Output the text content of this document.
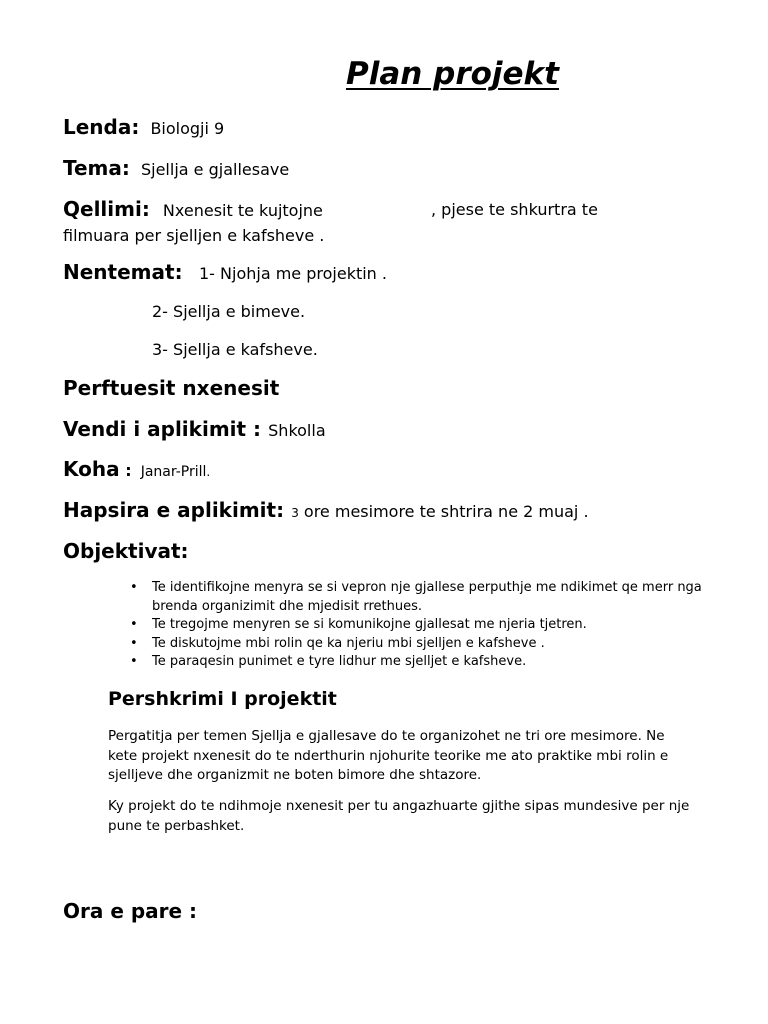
Plan projekt
Lenda: Biologji 9
Tema: Sjellja e gjallesave
Qellimi: Nxenesit te kujtojne	, pjese te shkurtra te
filmuara per sjelljen e kafsheve .
Nentemat: 1- Njohja me projektin .
2- Sjellja e bimeve.
3- Sjellja e kafsheve.
Perftuesit nxenesit
Vendi i aplikimit : Shkolla
Koha : Janar-Prill.
Hapsira e aplikimit: 3 ore mesimore te shtrira ne 2 muaj .
Objektivat:
• Te identifikojne menyra se si vepron nje gjallese perputhje me ndikimet qe merr nga brenda organizimit dhe mjedisit rrethues.
• Te tregojme menyren se si komunikojne gjallesat me njeria tjetren.
• Te diskutojme mbi rolin qe ka njeriu mbi sjelljen e kafsheve .
• Te paraqesin punimet e tyre lidhur me sjelljet e kafsheve.
Pershkrimi I projektit
Pergatitja per temen Sjellja e gjallesave do te organizohet ne tri ore mesimore. Ne kete projekt nxenesit do te nderthurin njohurite teorike me ato praktike mbi rolin e sjelljeve dhe organizmit ne boten bimore dhe shtazore.
Ky projekt do te ndihmoje nxenesit per tu angazhuarte gjithe sipas mundesive per nje pune te perbashket.
Ora e pare :
